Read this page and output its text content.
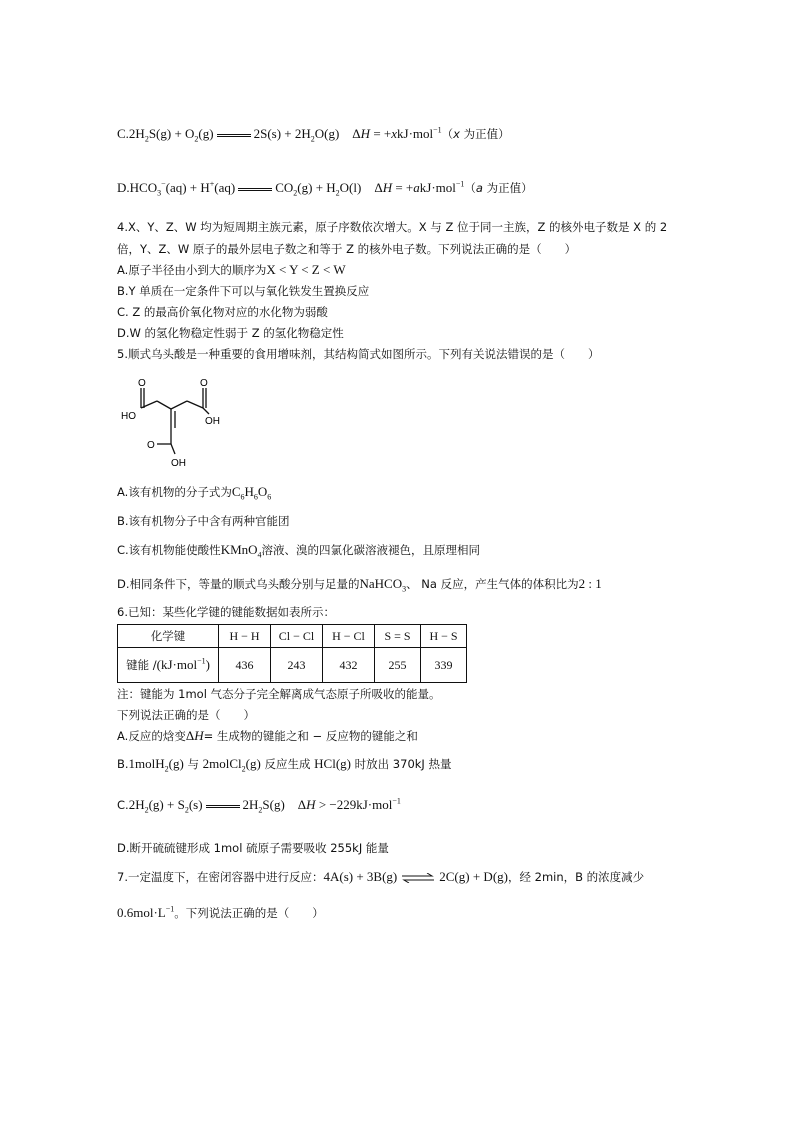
$C.2H_2S(g) + O_2(g)$	$2S(s) + 2H_2O(g)$    ΔH = +xkJ·mol$^{-1}$（x 为正值）
$D.HCO_3^-(aq) + H^+(aq)$	$CO_2(g) + H_2O(l)$    ΔH = +akJ·mol$^{-1}$（a 为正值）
4.X、Y、Z、W 均为短周期主族元素，原子序数依次增大。X 与 Z 位于同一主族，Z 的核外电子数是 X 的 2
倍，Y、Z、W 原子的最外层电子数之和等于 Z 的核外电子数。下列说法正确的是（　　）
A.原子半径由小到大的顺序为X < Y < Z < W
B.Y 单质在一定条件下可以与氧化铁发生置换反应
C. Z 的最高价氧化物对应的水化物为弱酸
D.W 的氢化物稳定性弱于 Z 的氢化物稳定性
5.顺式乌头酸是一种重要的食用增味剂，其结构简式如图所示。下列有关说法错误的是（　　）
O	O
O
HO	OH
OH
A.该有机物的分子式为$C_6H_6O_6$
B.该有机物分子中含有两种官能团
C.该有机物能使酸性KMnO$_4$溶液、溴的四氯化碳溶液褪色，且原理相同
D.相同条件下，等量的顺式乌头酸分别与足量的NaHCO$_3$、 Na 反应，产生气体的体积比为2 : 1
6.已知：某些化学键的键能数据如表所示：
化学键	H − H	Cl − Cl	H − Cl	S = S	H − S
键能 /(kJ·mol$^{-1}$)	436	243	432	255	339
注：键能为 1mol 气态分子完全解离成气态原子所吸收的能量。
下列说法正确的是（　　）
A.反应的焓变ΔH= 生成物的键能之和 − 反应物的键能之和
B.1molH$_2$(g) 与 2molCl$_2$(g) 反应生成 HCl(g) 时放出 370kJ 热量
$C.2H_2(g) + S_2(s)$	$2H_2S(g)$    ΔH > −229kJ·mol$^{-1}$
D.断开硫硫键形成 1mol 硫原子需要吸收 255kJ 能量
7.一定温度下，在密闭容器中进行反应：4A(s) + 3B(g) ⇌ 2C(g) + D(g)，经 2min，B 的浓度减少
$0.6mol\cdot L^{-1}$。下列说法正确的是（　　）
